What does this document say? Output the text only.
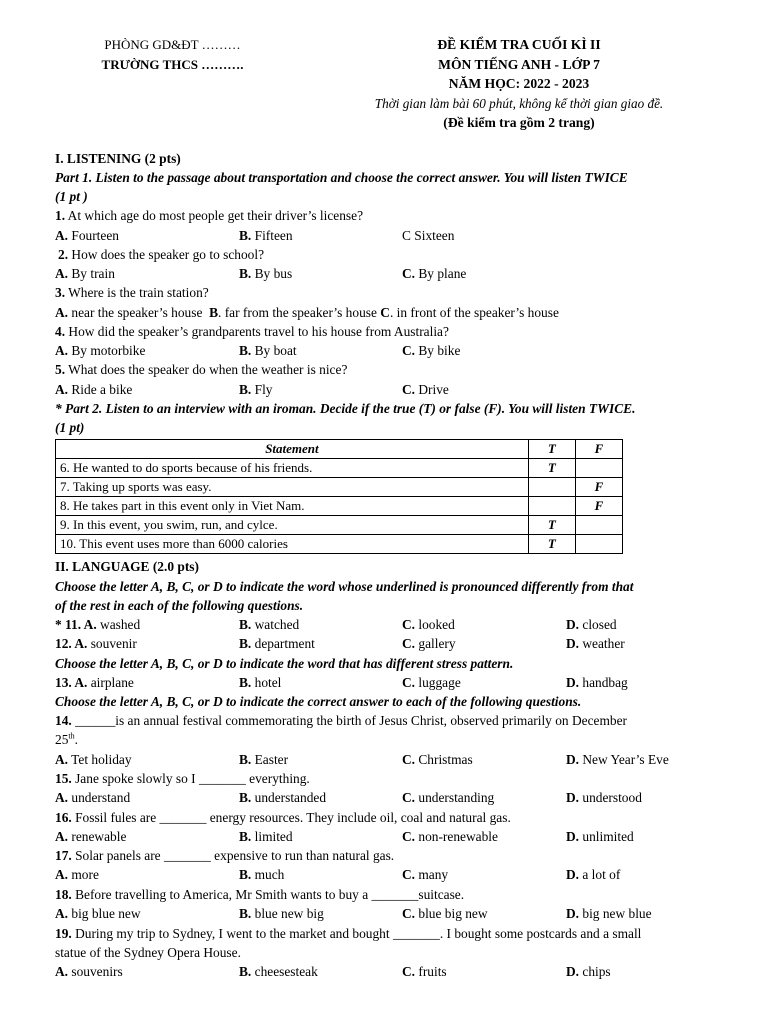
PHÒNG GD&ĐT ………
TRƯỜNG THCS ……….
ĐỀ KIỂM TRA CUỐI KÌ II
MÔN TIẾNG ANH - LỚP 7
NĂM HỌC: 2022 - 2023
Thời gian làm bài 60 phút, không kể thời gian giao đề.
(Đề kiểm tra gồm 2 trang)
I. LISTENING (2 pts)
Part 1. Listen to the passage about transportation and choose the correct answer. You will listen TWICE
(1 pt )
1. At which age do most people get their driver’s license?
A. Fourteen	B. Fifteen	C Sixteen
2. How does the speaker go to school?
A. By train	B. By bus	C. By plane
3. Where is the train station?
A. near the speaker’s house B. far from the speaker’s house C. in front of the speaker’s house
4. How did the speaker’s grandparents travel to his house from Australia?
A. By motorbike	B. By boat	C. By bike
5. What does the speaker do when the weather is nice?
A. Ride a bike	B. Fly	C. Drive
* Part 2. Listen to an interview with an iroman. Decide if the true (T) or false (F). You will listen TWICE.
(1 pt)
Statement	T	F
6. He wanted to do sports because of his friends.	T	
7. Taking up sports was easy.		F
8. He takes part in this event only in Viet Nam.		F
9. In this event, you swim, run, and cylce.	T	
10. This event uses more than 6000 calories	T	
II. LANGUAGE (2.0 pts)
Choose the letter A, B, C, or D to indicate the word whose underlined is pronounced differently from that
of the rest in each of the following questions.
* 11. A. washed	B. watched	C. looked	D. closed
12. A. souvenir	B. department	C. gallery	D. weather
Choose the letter A, B, C, or D to indicate the word that has different stress pattern.
13. A. airplane	B. hotel	C. luggage	D. handbag
Choose the letter A, B, C, or D to indicate the correct answer to each of the following questions.
14. ______is an annual festival commemorating the birth of Jesus Christ, observed primarily on December
25th.
A. Tet holiday	B. Easter	C. Christmas	D. New Year’s Eve
15. Jane spoke slowly so I _______ everything.
A. understand	B. understanded	C. understanding	D. understood
16. Fossil fules are _______ energy resources. They include oil, coal and natural gas.
A. renewable	B. limited	C. non-renewable	D. unlimited
17. Solar panels are _______ expensive to run than natural gas.
A. more	B. much	C. many	D. a lot of
18. Before travelling to America, Mr Smith wants to buy a _______suitcase.
A. big blue new	B. blue new big	C. blue big new	D. big new blue
19. During my trip to Sydney, I went to the market and bought _______. I bought some postcards and a small
statue of the Sydney Opera House.
A. souvenirs	B. cheesesteak	C. fruits	D. chips
